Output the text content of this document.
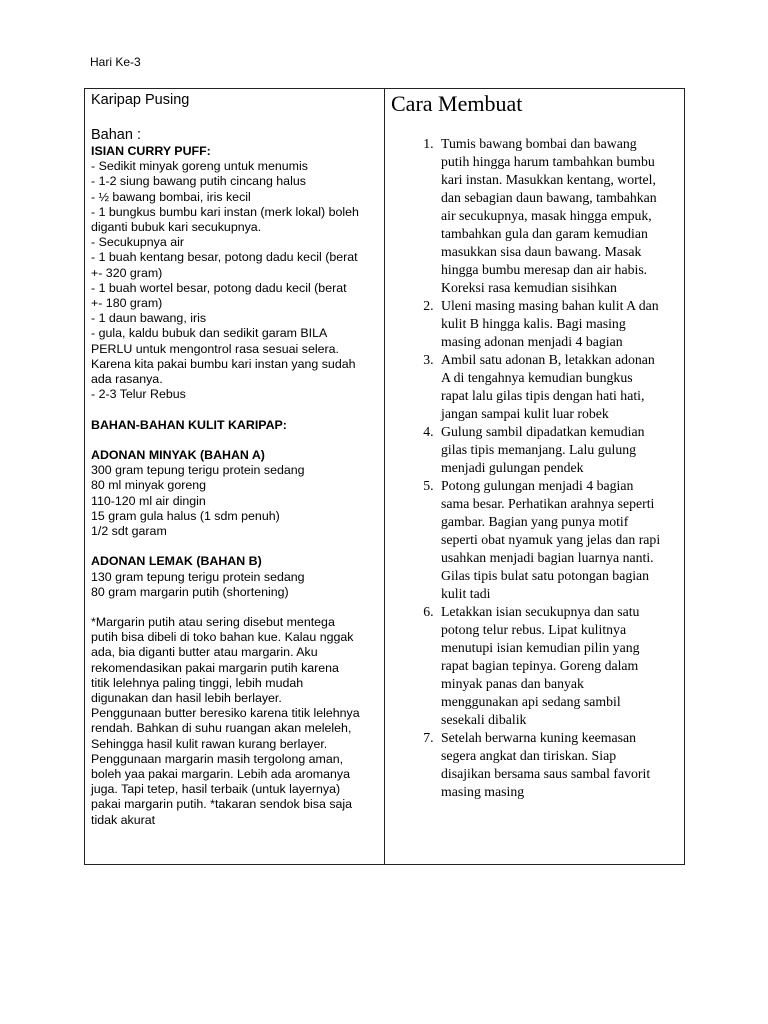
Hari Ke-3
Karipap Pusing
Bahan :
ISIAN CURRY PUFF:
- Sedikit minyak goreng untuk menumis
- 1-2 siung bawang putih cincang halus
- ½ bawang bombai, iris kecil
- 1 bungkus bumbu kari instan (merk lokal) boleh
diganti bubuk kari secukupnya.
- Secukupnya air
- 1 buah kentang besar, potong dadu kecil (berat
+- 320 gram)
- 1 buah wortel besar, potong dadu kecil (berat
+- 180 gram)
- 1 daun bawang, iris
- gula, kaldu bubuk dan sedikit garam BILA
PERLU untuk mengontrol rasa sesuai selera.
Karena kita pakai bumbu kari instan yang sudah
ada rasanya.
- 2-3 Telur Rebus
BAHAN-BAHAN KULIT KARIPAP:
ADONAN MINYAK (BAHAN A)
300 gram tepung terigu protein sedang
80 ml minyak goreng
110-120 ml air dingin
15 gram gula halus (1 sdm penuh)
1/2 sdt garam
ADONAN LEMAK (BAHAN B)
130 gram tepung terigu protein sedang
80 gram margarin putih (shortening)
*Margarin putih atau sering disebut mentega
putih bisa dibeli di toko bahan kue. Kalau nggak
ada, bia diganti butter atau margarin. Aku
rekomendasikan pakai margarin putih karena
titik lelehnya paling tinggi, lebih mudah
digunakan dan hasil lebih berlayer.
Penggunaan butter beresiko karena titik lelehnya
rendah. Bahkan di suhu ruangan akan meleleh,
Sehingga hasil kulit rawan kurang berlayer.
Penggunaan margarin masih tergolong aman,
boleh yaa pakai margarin. Lebih ada aromanya
juga. Tapi tetep, hasil terbaik (untuk layernya)
pakai margarin putih. *takaran sendok bisa saja
tidak akurat
Cara Membuat
1. Tumis bawang bombai dan bawang
putih hingga harum tambahkan bumbu
kari instan. Masukkan kentang, wortel,
dan sebagian daun bawang, tambahkan
air secukupnya, masak hingga empuk,
tambahkan gula dan garam kemudian
masukkan sisa daun bawang. Masak
hingga bumbu meresap dan air habis.
Koreksi rasa kemudian sisihkan
2. Uleni masing masing bahan kulit A dan
kulit B hingga kalis. Bagi masing
masing adonan menjadi 4 bagian
3. Ambil satu adonan B, letakkan adonan
A di tengahnya kemudian bungkus
rapat lalu gilas tipis dengan hati hati,
jangan sampai kulit luar robek
4. Gulung sambil dipadatkan kemudian
gilas tipis memanjang. Lalu gulung
menjadi gulungan pendek
5. Potong gulungan menjadi 4 bagian
sama besar. Perhatikan arahnya seperti
gambar. Bagian yang punya motif
seperti obat nyamuk yang jelas dan rapi
usahkan menjadi bagian luarnya nanti.
Gilas tipis bulat satu potongan bagian
kulit tadi
6. Letakkan isian secukupnya dan satu
potong telur rebus. Lipat kulitnya
menutupi isian kemudian pilin yang
rapat bagian tepinya. Goreng dalam
minyak panas dan banyak
menggunakan api sedang sambil
sesekali dibalik
7. Setelah berwarna kuning keemasan
segera angkat dan tiriskan. Siap
disajikan bersama saus sambal favorit
masing masing
